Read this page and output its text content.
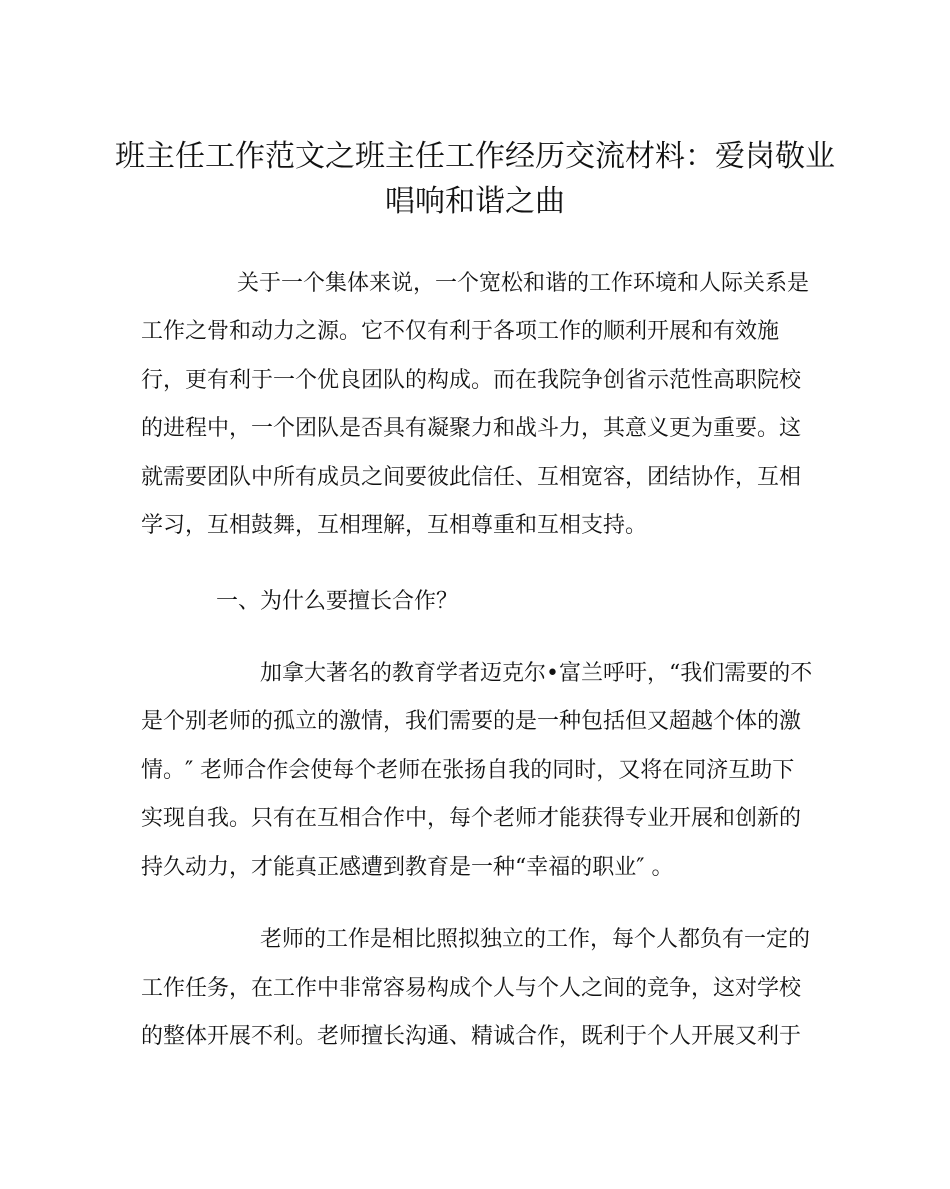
班主任工作范文之班主任工作经历交流材料：爱岗敬业
唱响和谐之曲

关于一个集体来说，一个宽松和谐的工作环境和人际关系是

工作之骨和动力之源。它不仅有利于各项工作的顺利开展和有效施

行，更有利于一个优良团队的构成。而在我院争创省示范性高职院校

的进程中，一个团队是否具有凝聚力和战斗力，其意义更为重要。这

就需要团队中所有成员之间要彼此信任、互相宽容，团结协作，互相

学习，互相鼓舞，互相理解，互相尊重和互相支持。

一、为什么要擅长合作？

加拿大著名的教育学者迈克尔•富兰呼吁，“我们需要的不

是个别老师的孤立的激情，我们需要的是一种包括但又超越个体的激

情。″ 老师合作会使每个老师在张扬自我的同时，又将在同济互助下

实现自我。只有在互相合作中，每个老师才能获得专业开展和创新的

持久动力，才能真正感遭到教育是一种“幸福的职业″ 。

老师的工作是相比照拟独立的工作，每个人都负有一定的

工作任务，在工作中非常容易构成个人与个人之间的竞争，这对学校

的整体开展不利。老师擅长沟通、精诚合作，既利于个人开展又利于
